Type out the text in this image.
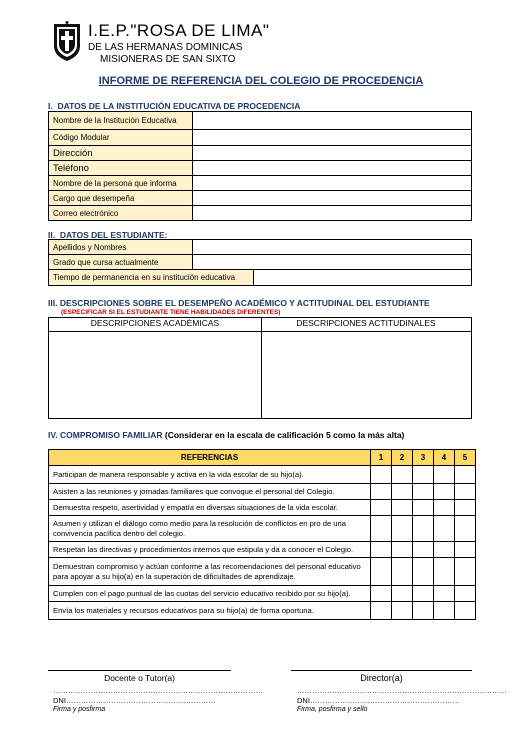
I.E.P."ROSA DE LIMA"
DE LAS HERMANAS DOMINICAS
MISIONERAS DE SAN SIXTO
INFORME DE REFERENCIA DEL COLEGIO DE PROCEDENCIA
I. DATOS DE LA INSTITUCIÓN EDUCATIVA DE PROCEDENCIA
Nombre de la Institución Educativa	
Código Modular	
Dirección	
Teléfono	
Nombre de la persona que informa	
Cargo que desempeña	
Correo electrónico	
II. DATOS DEL ESTUDIANTE:
Apellidos y Nombres		
Grado que cursa actualmente		
Tiempo de permanencia en su institución educativa		
III. DESCRIPCIONES SOBRE EL DESEMPEÑO ACADÉMICO Y ACTITUDINAL DEL ESTUDIANTE
(ESPECIFICAR SI EL ESTUDIANTE TIENE HABILIDADES DIFERENTES)
DESCRIPCIONES ACADÉMICAS	DESCRIPCIONES ACTITUDINALES
IV. COMPROMISO FAMILIAR (Considerar en la escala de calificación 5 como la más alta)
REFERENCIAS	1	2	3	4	5
Participan de manera responsable y activa en la vida escolar de su hijo(a).					
Asisten a las reuniones y jornadas familiares que convoque el personal del Colegio.					
Demuestra respeto, asertividad y empatía en diversas situaciones de la vida escolar.					
Asumen y utilizan el diálogo como medio para la resolución de conflictos en pro de una convivencia pacífica dentro del colegio.					
Respetan las directivas y procedimientos internos que estipula y da a conocer el Colegio.					
Demuestran compromiso y actúan conforme a las recomendaciones del personal educativo para apoyar a su hijo(a) en la superación de dificultades de aprendizaje.					
Cumplen con el pago puntual de las cuotas del servicio educativo recibido por su hijo(a).					
Envía los materiales y recursos educativos para su hijo(a) de forma oportuna.					
Docente o Tutor(a)
…………………………………………………………………………
DNI……………………………………………………
Firma y posfirma
Director(a)
…………………………………………………………………………
DNI……………………………………………………
Firma, posfirma y sello
